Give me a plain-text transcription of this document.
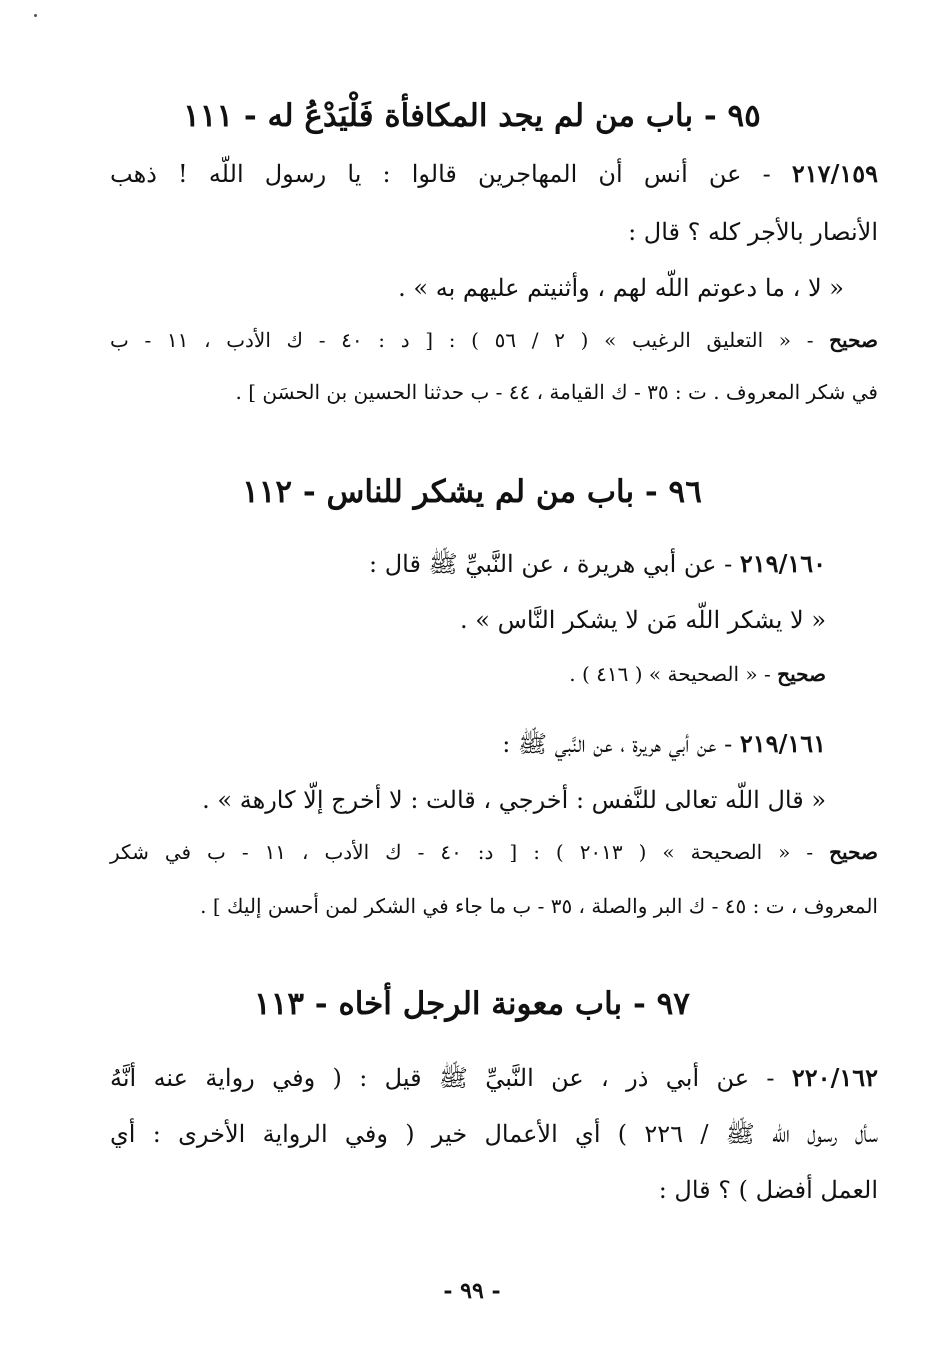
٩٥ - باب من لم يجد المكافأة فَلْيَدْعُ له - ١١١
٢١٧/١٥٩ - عن أنس أن المهاجرين قالوا : يا رسول اللّه ! ذهب
الأنصار بالأجر كله ؟ قال :
« لا ، ما دعوتم اللّه لهم ، وأثنيتم عليهم به » .
صحيح - « التعليق الرغيب » ( ٢ / ٥٦ ) : [ د : ٤٠ - ك الأدب ، ١١ - ب
في شكر المعروف . ت : ٣٥ - ك القيامة ، ٤٤ - ب حدثنا الحسين بن الحسَن ] .
٩٦ - باب من لم يشكر للناس - ١١٢
٢١٩/١٦٠ - عن أبي هريرة ، عن النَّبيِّ ﷺ قال :
« لا يشكر اللّه مَن لا يشكر النَّاس » .
صحيح - « الصحيحة » ( ٤١٦ ) .
٢١٩/١٦١ - عن أبي هريرة ، عن النَّبي ﷺ :
« قال اللّه تعالى للنَّفس : أخرجي ، قالت : لا أخرج إلّا كارهة » .
صحيح - « الصحيحة » ( ٢٠١٣ ) : [ د: ٤٠ - ك الأدب ، ١١ - ب في شكر
المعروف ، ت : ٤٥ - ك البر والصلة ، ٣٥ - ب ما جاء في الشكر لمن أحسن إليك ] .
٩٧ - باب معونة الرجل أخاه - ١١٣
٢٢٠/١٦٢ - عن أبي ذر ، عن النَّبيِّ ﷺ قيل : ( وفي رواية عنه أنَّهُ
سأل رسول اللّه ﷺ / ٢٢٦ ) أي الأعمال خير ( وفي الرواية الأخرى : أي
العمل أفضل ) ؟ قال :
- ٩٩ -
